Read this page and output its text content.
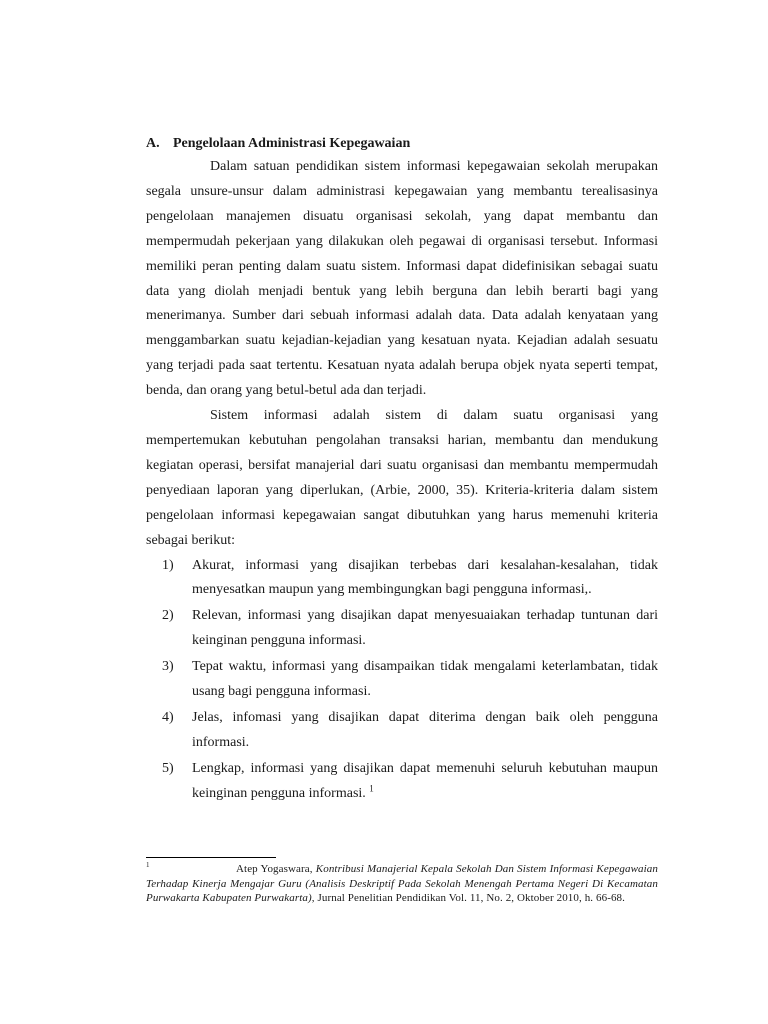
A. Pengelolaan Administrasi Kepegawaian

Dalam satuan pendidikan sistem informasi kepegawaian sekolah merupakan segala unsure-unsur dalam administrasi kepegawaian yang membantu terealisasinya pengelolaan manajemen disuatu organisasi sekolah, yang dapat membantu dan mempermudah pekerjaan yang dilakukan oleh pegawai di organisasi tersebut. Informasi memiliki peran penting dalam suatu sistem. Informasi dapat didefinisikan sebagai suatu data yang diolah menjadi bentuk yang lebih berguna dan lebih berarti bagi yang menerimanya. Sumber dari sebuah informasi adalah data. Data adalah kenyataan yang menggambarkan suatu kejadian-kejadian yang kesatuan nyata. Kejadian adalah sesuatu yang terjadi pada saat tertentu. Kesatuan nyata adalah berupa objek nyata seperti tempat, benda, dan orang yang betul-betul ada dan terjadi.

Sistem informasi adalah sistem di dalam suatu organisasi yang mempertemukan kebutuhan pengolahan transaksi harian, membantu dan mendukung kegiatan operasi, bersifat manajerial dari suatu organisasi dan membantu mempermudah penyediaan laporan yang diperlukan, (Arbie, 2000, 35). Kriteria-kriteria dalam sistem pengelolaan informasi kepegawaian sangat dibutuhkan yang harus memenuhi kriteria sebagai berikut:

1)	Akurat, informasi yang disajikan terbebas dari kesalahan-kesalahan, tidak menyesatkan maupun yang membingungkan bagi pengguna informasi,.
2)	Relevan, informasi yang disajikan dapat menyesuaiakan terhadap tuntunan dari keinginan pengguna informasi.
3)	Tepat waktu, informasi yang disampaikan tidak mengalami keterlambatan, tidak usang bagi pengguna informasi.
4)	Jelas, infomasi yang disajikan dapat diterima dengan baik oleh pengguna informasi.
5)	Lengkap, informasi yang disajikan dapat memenuhi seluruh kebutuhan maupun keinginan pengguna informasi. $^1$
1	Atep Yogaswara, Kontribusi Manajerial Kepala Sekolah Dan Sistem Informasi Kepegawaian Terhadap Kinerja Mengajar Guru (Analisis Deskriptif Pada Sekolah Menengah Pertama Negeri Di Kecamatan Purwakarta Kabupaten Purwakarta), Jurnal Penelitian Pendidikan Vol. 11, No. 2, Oktober 2010, h. 66-68.
